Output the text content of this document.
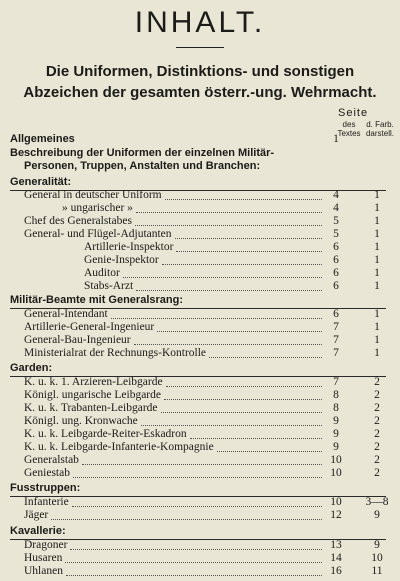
INHALT.
Die Uniformen, Distinktions- und sonstigen
Abzeichen der gesamten österr.-ung. Wehrmacht.
Seite
des Textes
d. Farb. darstell.
Allgemeines	1
Beschreibung der Uniformen der einzelnen Militär-
Personen, Truppen, Anstalten und Branchen:
Generalität:
General in deutscher Uniform	4	1
» ungarischer »	4	1
Chef des Generalstabes	5	1
General- und Flügel-Adjutanten	5	1
Artillerie-Inspektor	6	1
Genie-Inspektor	6	1
Auditor	6	1
Stabs-Arzt	6	1
Militär-Beamte mit Generalsrang:
General-Intendant	6	1
Artillerie-General-Ingenieur	7	1
General-Bau-Ingenieur	7	1
Ministerialrat der Rechnungs-Kontrolle	7	1
Garden:
K. u. k. 1. Arzieren-Leibgarde	7	2
Königl. ungarische Leibgarde	8	2
K. u. k. Trabanten-Leibgarde	8	2
Königl. ung. Kronwache	9	2
K. u. k. Leibgarde-Reiter-Eskadron	9	2
K. u. k. Leibgarde-Infanterie-Kompagnie	9	2
Generalstab	10	2
Geniestab	10	2
Fusstruppen:
Infanterie	10	3—8
Jäger	12	9
Kavallerie:
Dragoner	13	9
Husaren	14	10
Uhlanen	16	11
